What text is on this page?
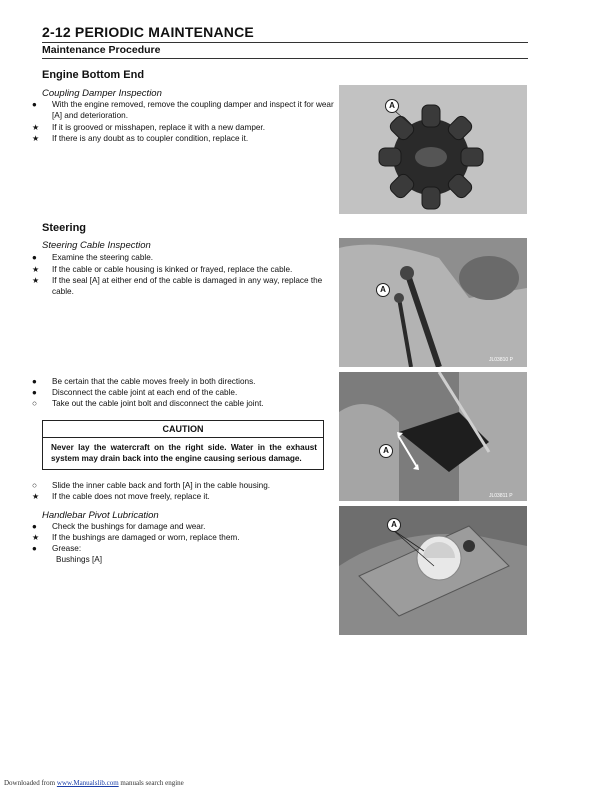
2-12 PERIODIC MAINTENANCE
Maintenance Procedure
Engine Bottom End
Coupling Damper Inspection
● With the engine removed, remove the coupling damper and inspect it for wear [A] and deterioration.
★ If it is grooved or misshapen, replace it with a new damper.
★ If there is any doubt as to coupler condition, replace it.
A
Steering
Steering Cable Inspection
● Examine the steering cable.
★ If the cable or cable housing is kinked or frayed, replace the cable.
★ If the seal [A] at either end of the cable is damaged in any way, replace the cable.	A
JL03810 P
● Be certain that the cable moves freely in both directions.
● Disconnect the cable joint at each end of the cable.
○ Take out the cable joint bolt and disconnect the cable joint.
CAUTION
Never lay the watercraft on the right side. Water in the exhaust system may drain back into the engine causing serious damage.
○ Slide the inner cable back and forth [A] in the cable housing.
★ If the cable does not move freely, replace it.
A
JL03811 P
Handlebar Pivot Lubrication
● Check the bushings for damage and wear.
★ If the bushings are damaged or worn, replace them.
● Grease:
Bushings [A]
A
Downloaded from www.Manualslib.com manuals search engine
